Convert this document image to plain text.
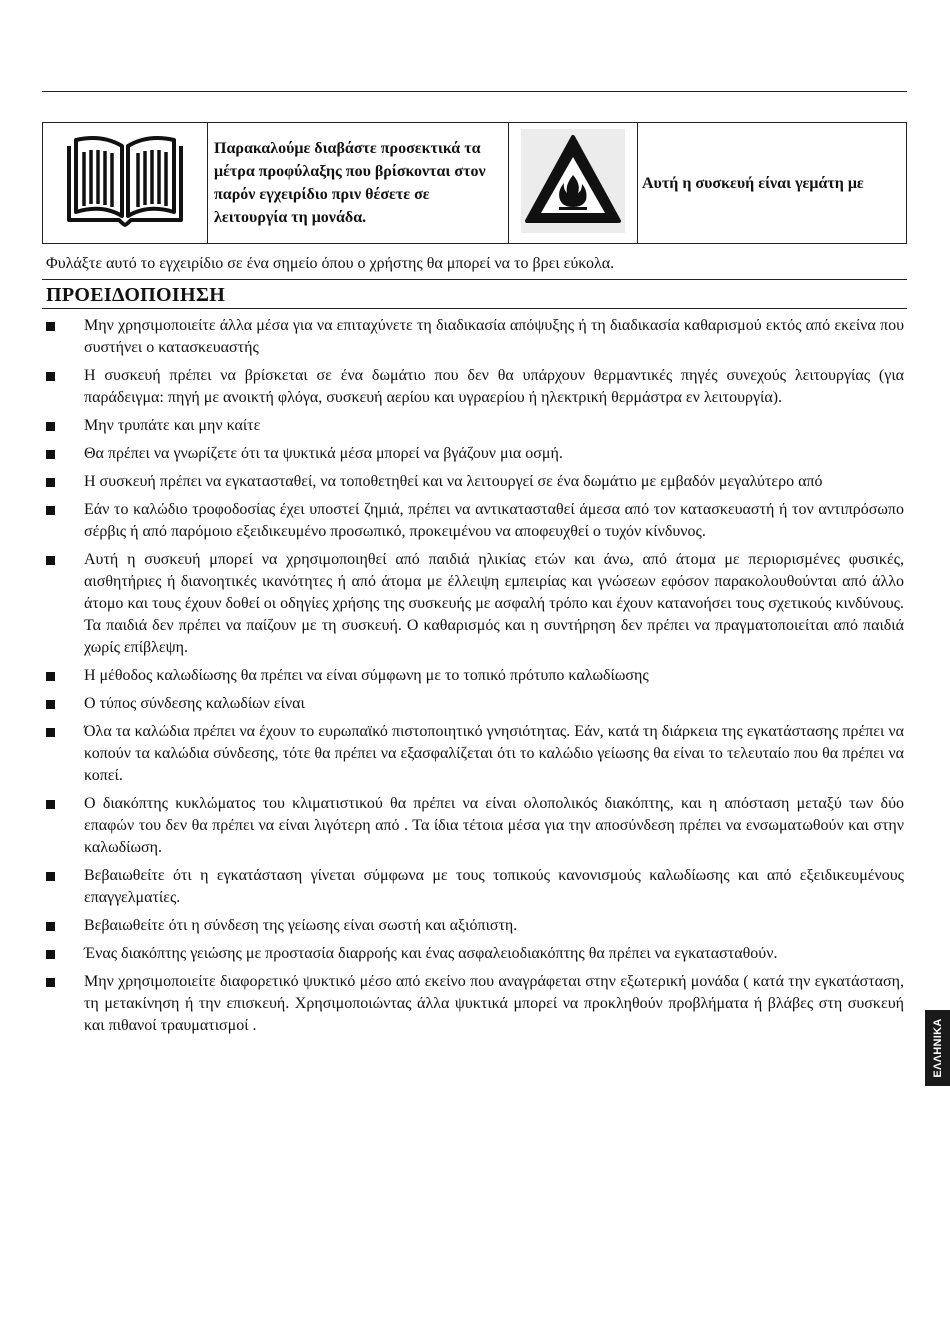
Παρακαλούμε διαβάστε προσεκτικά τα μέτρα προφύλαξης που βρίσκονται στον παρόν εγχειρίδιο πριν θέσετε σε λειτουργία τη μονάδα.

Αυτή η συσκευή είναι γεμάτη με
Φυλάξτε αυτό το εγχειρίδιο σε ένα σημείο όπου ο χρήστης θα μπορεί να το βρει εύκολα.
ΠΡΟΕΙΔΟΠΟΙΗΣΗ
Μην χρησιμοποιείτε άλλα μέσα για να επιταχύνετε τη διαδικασία απόψυξης ή τη διαδικασία καθαρισμού εκτός από εκείνα που συστήνει ο κατασκευαστής
Η συσκευή πρέπει να βρίσκεται σε ένα δωμάτιο που δεν θα υπάρχουν θερμαντικές πηγές συνεχούς λειτουργίας (για παράδειγμα: πηγή με ανοικτή φλόγα, συσκευή αερίου και υγραερίου ή ηλεκτρική θερμάστρα εν λειτουργία).
Μην τρυπάτε και μην καίτε
Θα πρέπει να γνωρίζετε ότι τα ψυκτικά μέσα μπορεί να βγάζουν μια οσμή.
Η συσκευή πρέπει να εγκατασταθεί, να τοποθετηθεί και να λειτουργεί σε ένα δωμάτιο με εμβαδόν μεγαλύτερο από
Εάν το καλώδιο τροφοδοσίας έχει υποστεί ζημιά, πρέπει να αντικατασταθεί άμεσα από τον κατασκευαστή ή τον αντιπρόσωπο σέρβις ή από παρόμοιο εξειδικευμένο προσωπικό, προκειμένου να αποφευχθεί ο τυχόν κίνδυνος.
Αυτή η συσκευή μπορεί να χρησιμοποιηθεί από παιδιά ηλικίας ετών και άνω, από άτομα με περιορισμένες φυσικές, αισθητήριες ή διανοητικές ικανότητες ή από άτομα με έλλειψη εμπειρίας και γνώσεων εφόσον παρακολουθούνται από άλλο άτομο και τους έχουν δοθεί οι οδηγίες χρήσης της συσκευής με ασφαλή τρόπο και έχουν κατανοήσει τους σχετικούς κινδύνους. Τα παιδιά δεν πρέπει να παίζουν με τη συσκευή. Ο καθαρισμός και η συντήρηση δεν πρέπει να πραγματοποιείται από παιδιά χωρίς επίβλεψη.
Η μέθοδος καλωδίωσης θα πρέπει να είναι σύμφωνη με το τοπικό πρότυπο καλωδίωσης
Ο τύπος σύνδεσης καλωδίων είναι
Όλα τα καλώδια πρέπει να έχουν το ευρωπαϊκό πιστοποιητικό γνησιότητας. Εάν, κατά τη διάρκεια της εγκατάστασης πρέπει να κοπούν τα καλώδια σύνδεσης, τότε θα πρέπει να εξασφαλίζεται ότι το καλώδιο γείωσης θα είναι το τελευταίο που θα πρέπει να κοπεί.
Ο διακόπτης κυκλώματος του κλιματιστικού θα πρέπει να είναι ολοπολικός διακόπτης, και η απόσταση μεταξύ των δύο επαφών του δεν θα πρέπει να είναι λιγότερη από . Τα ίδια τέτοια μέσα για την αποσύνδεση πρέπει να ενσωματωθούν και στην καλωδίωση.
Βεβαιωθείτε ότι η εγκατάσταση γίνεται σύμφωνα με τους τοπικούς κανονισμούς καλωδίωσης και από εξειδικευμένους επαγγελματίες.
Βεβαιωθείτε ότι η σύνδεση της γείωσης είναι σωστή και αξιόπιστη.
Ένας διακόπτης γειώσης με προστασία διαρροής και ένας ασφαλειοδιακόπτης θα πρέπει να εγκατασταθούν.
Μην χρησιμοποιείτε διαφορετικό ψυκτικό μέσο από εκείνο που αναγράφεται στην εξωτερική μονάδα ( κατά την εγκατάσταση, τη μετακίνηση ή την επισκευή. Χρησιμοποιώντας άλλα ψυκτικά μπορεί να προκληθούν προβλήματα ή βλάβες στη συσκευή και πιθανοί τραυματισμοί .	ΕΛΛΗΝΙΚΑ
